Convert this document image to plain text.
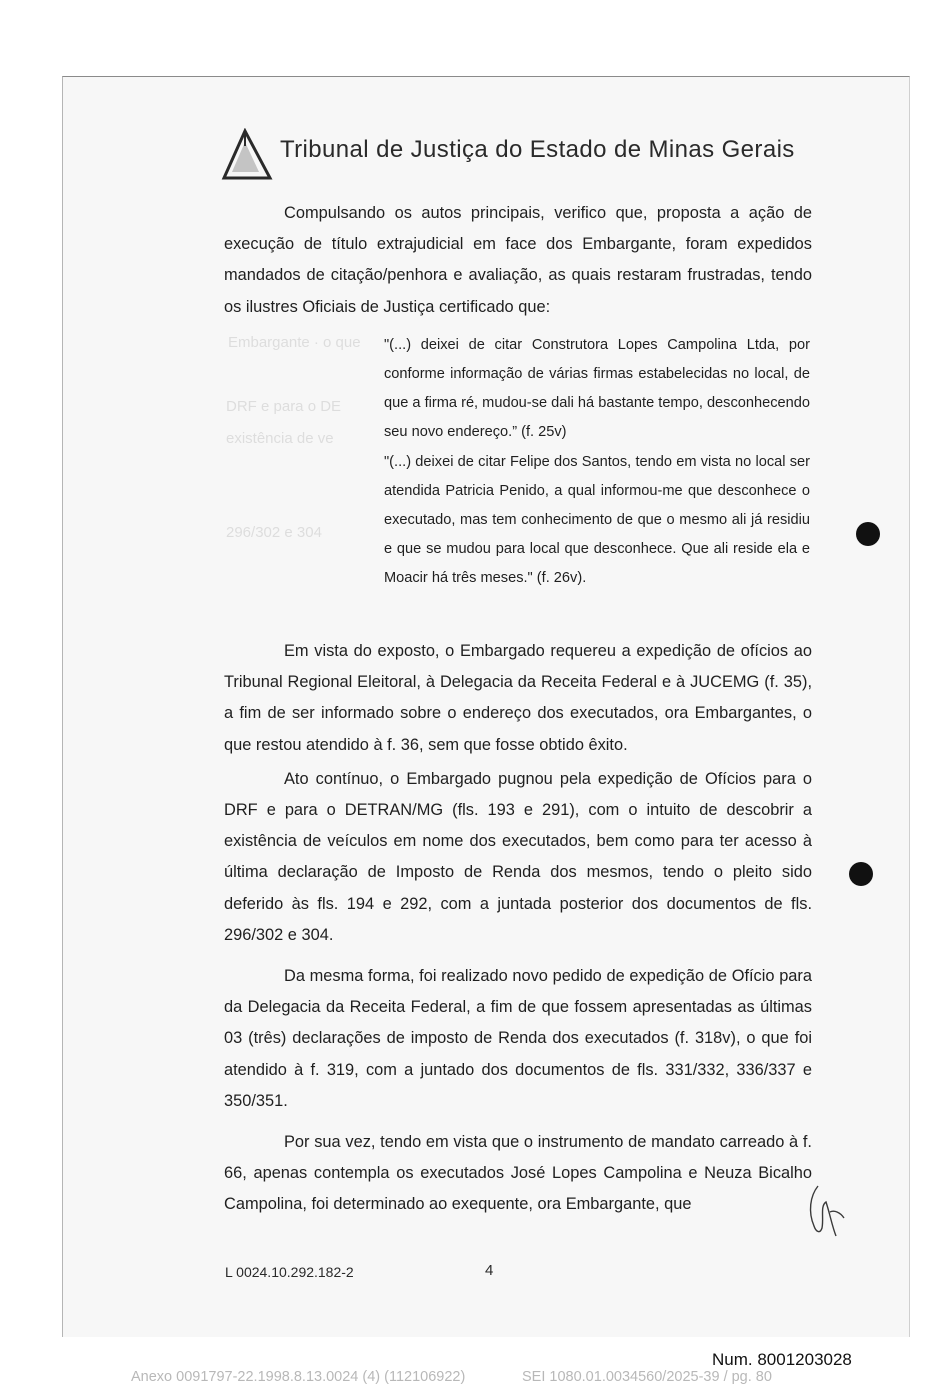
Embargante · o que
DRF e para o DE
existência de ve
296/302 e 304
Tribunal de Justiça do Estado de Minas Gerais

Compulsando os autos principais, verifico que, proposta a ação de execução de título extrajudicial em face dos Embargante, foram expedidos mandados de citação/penhora e avaliação, as quais restaram frustradas, tendo os ilustres Oficiais de Justiça certificado que:

"(...) deixei de citar Construtora Lopes Campolina Ltda, por conforme informação de várias firmas estabelecidas no local, de que a firma ré, mudou-se dali há bastante tempo, desconhecendo seu novo endereço.” (f. 25v)

"(...) deixei de citar Felipe dos Santos, tendo em vista no local ser atendida Patricia Penido, a qual informou-me que desconhece o executado, mas tem conhecimento de que o mesmo ali já residiu e que se mudou para local que desconhece. Que ali reside ela e Moacir há três meses." (f. 26v).

Em vista do exposto, o Embargado requereu a expedição de ofícios ao Tribunal Regional Eleitoral, à Delegacia da Receita Federal e à JUCEMG (f. 35), a fim de ser informado sobre o endereço dos executados, ora Embargantes, o que restou atendido à f. 36, sem que fosse obtido êxito.

Ato contínuo, o Embargado pugnou pela expedição de Ofícios para o DRF e para o DETRAN/MG (fls. 193 e 291), com o intuito de descobrir a existência de veículos em nome dos executados, bem como para ter acesso à última declaração de Imposto de Renda dos mesmos, tendo o pleito sido deferido às fls. 194 e 292, com a juntada posterior dos documentos de fls. 296/302 e 304.

Da mesma forma, foi realizado novo pedido de expedição de Ofício para da Delegacia da Receita Federal, a fim de que fossem apresentadas as últimas 03 (três) declarações de imposto de Renda dos executados (f. 318v), o que foi atendido à f. 319, com a juntado dos documentos de fls. 331/332, 336/337 e 350/351.

Por sua vez, tendo em vista que o instrumento de mandato carreado à f. 66, apenas contempla os executados José Lopes Campolina e Neuza Bicalho Campolina, foi determinado ao exequente, ora Embargante, que

L 0024.10.292.182-2	4
Num. 8001203028
Anexo 0091797-22.1998.8.13.0024 (4) (112106922)	SEI 1080.01.0034560/2025-39 / pg. 80
